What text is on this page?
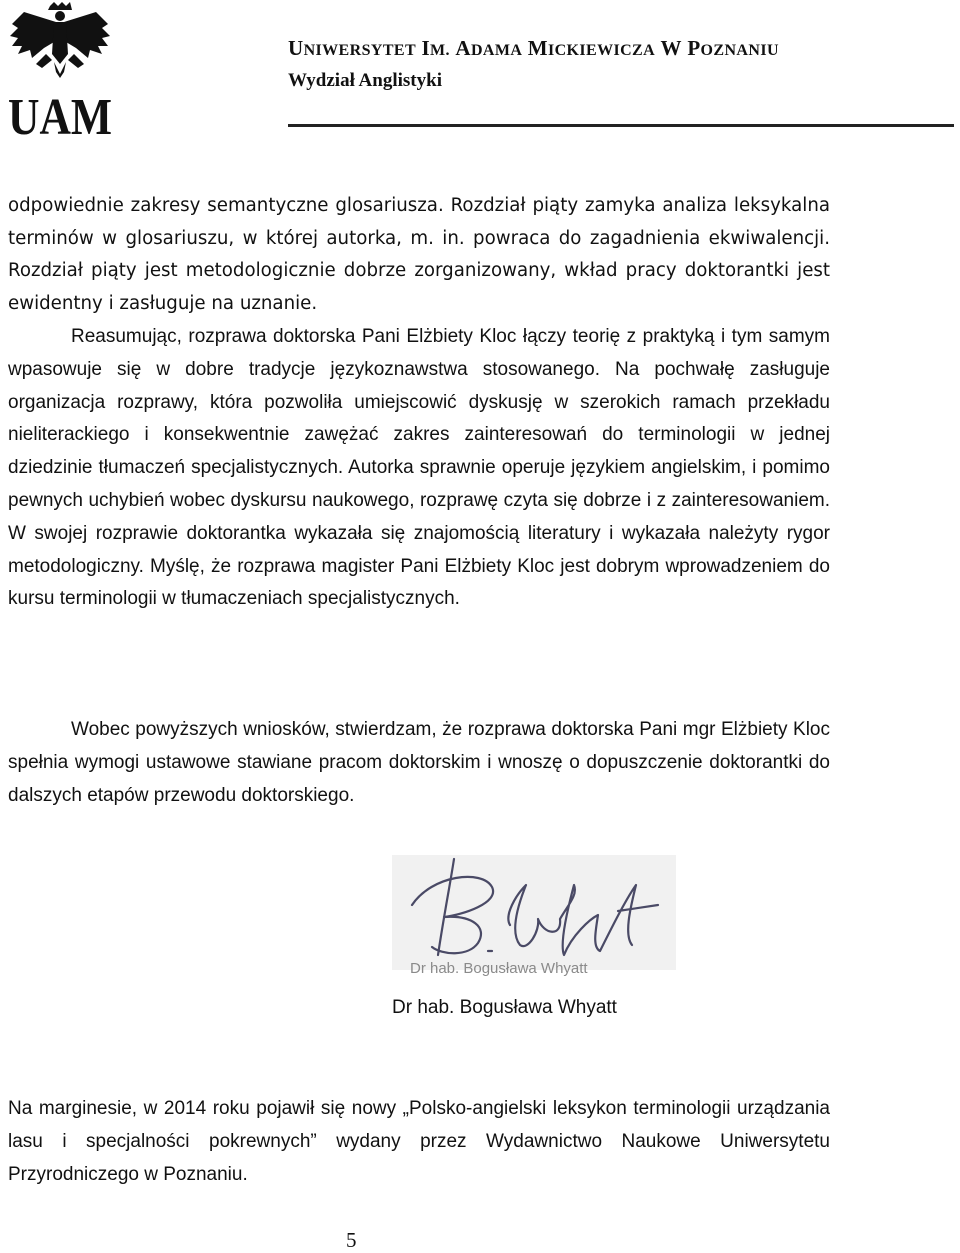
UAM
UNIWERSYTET IM. ADAMA MICKIEWICZA W POZNANIU
Wydział Anglistyki

odpowiednie zakresy semantyczne glosariusza. Rozdział piąty zamyka analiza leksykalna terminów w glosariuszu, w której autorka, m. in. powraca do zagadnienia ekwiwalencji. Rozdział piąty jest metodologicznie dobrze zorganizowany, wkład pracy doktorantki jest ewidentny i zasługuje na uznanie.

Reasumując, rozprawa doktorska Pani Elżbiety Kloc łączy teorię z praktyką i tym samym wpasowuje się w dobre tradycje językoznawstwa stosowanego. Na pochwałę zasługuje organizacja rozprawy, która pozwoliła umiejscowić dyskusję w szerokich ramach przekładu nieliterackiego i konsekwentnie zawężać zakres zainteresowań do terminologii w jednej dziedzinie tłumaczeń specjalistycznych. Autorka sprawnie operuje językiem angielskim, i pomimo pewnych uchybień wobec dyskursu naukowego, rozprawę czyta się dobrze i z zainteresowaniem. W swojej rozprawie doktorantka wykazała się znajomością literatury i wykazała należyty rygor metodologiczny. Myślę, że rozprawa magister Pani Elżbiety Kloc jest dobrym wprowadzeniem do kursu terminologii w tłumaczeniach specjalistycznych.

Wobec powyższych wniosków, stwierdzam, że rozprawa doktorska Pani mgr Elżbiety Kloc spełnia wymogi ustawowe stawiane pracom doktorskim i wnoszę o dopuszczenie doktorantki do dalszych etapów przewodu doktorskiego.

Dr hab. Bogusława Whyatt
Dr hab. Bogusława Whyatt

Na marginesie, w 2014 roku pojawił się nowy „Polsko-angielski leksykon terminologii urządzania lasu i specjalności pokrewnych” wydany przez Wydawnictwo Naukowe Uniwersytetu Przyrodniczego w Poznaniu.

5
